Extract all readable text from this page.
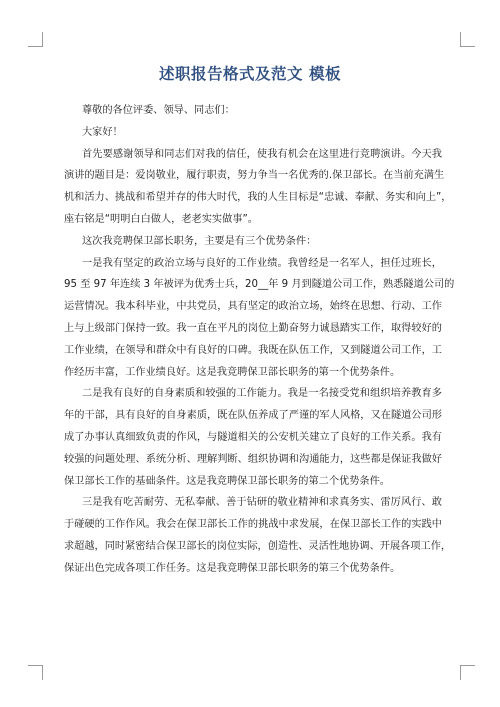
述职报告格式及范文 模板
尊敬的各位评委、领导、同志们：
大家好！
首先要感谢领导和同志们对我的信任，使我有机会在这里进行竞聘演讲。今天我
演讲的题目是：爱岗敬业，履行职责，努力争当一名优秀的.保卫部长。在当前充满生
机和活力、挑战和希望并存的伟大时代，我的人生目标是“忠诚、奉献、务实和向上”，
座右铭是“明明白白做人，老老实实做事”。
这次我竞聘保卫部长职务，主要是有三个优势条件：
一是我有坚定的政治立场与良好的工作业绩。我曾经是一名军人，担任过班长，
95 至 97 年连续 3 年被评为优秀士兵，20__年 9 月到隧道公司工作，熟悉隧道公司的
运营情况。我本科毕业，中共党员，具有坚定的政治立场，始终在思想、行动、工作
上与上级部门保持一致。我一直在平凡的岗位上勤奋努力诚恳踏实工作，取得较好的
工作业绩，在领导和群众中有良好的口碑。我既在队伍工作，又到隧道公司工作，工
作经历丰富，工作业绩良好。这是我竞聘保卫部长职务的第一个优势条件。
二是我有良好的自身素质和较强的工作能力。我是一名接受党和组织培养教育多
年的干部，具有良好的自身素质，既在队伍养成了严谨的军人风格，又在隧道公司形
成了办事认真细致负责的作风，与隧道相关的公安机关建立了良好的工作关系。我有
较强的问题处理、系统分析、理解判断、组织协调和沟通能力，这些都是保证我做好
保卫部长工作的基础条件。这是我竞聘保卫部长职务的第二个优势条件。
三是我有吃苦耐劳、无私奉献、善于钻研的敬业精神和求真务实、雷厉风行、敢
于碰硬的工作作风。我会在保卫部长工作的挑战中求发展，在保卫部长工作的实践中
求超越，同时紧密结合保卫部长的岗位实际，创造性、灵活性地协调、开展各项工作，
保证出色完成各项工作任务。这是我竞聘保卫部长职务的第三个优势条件。
